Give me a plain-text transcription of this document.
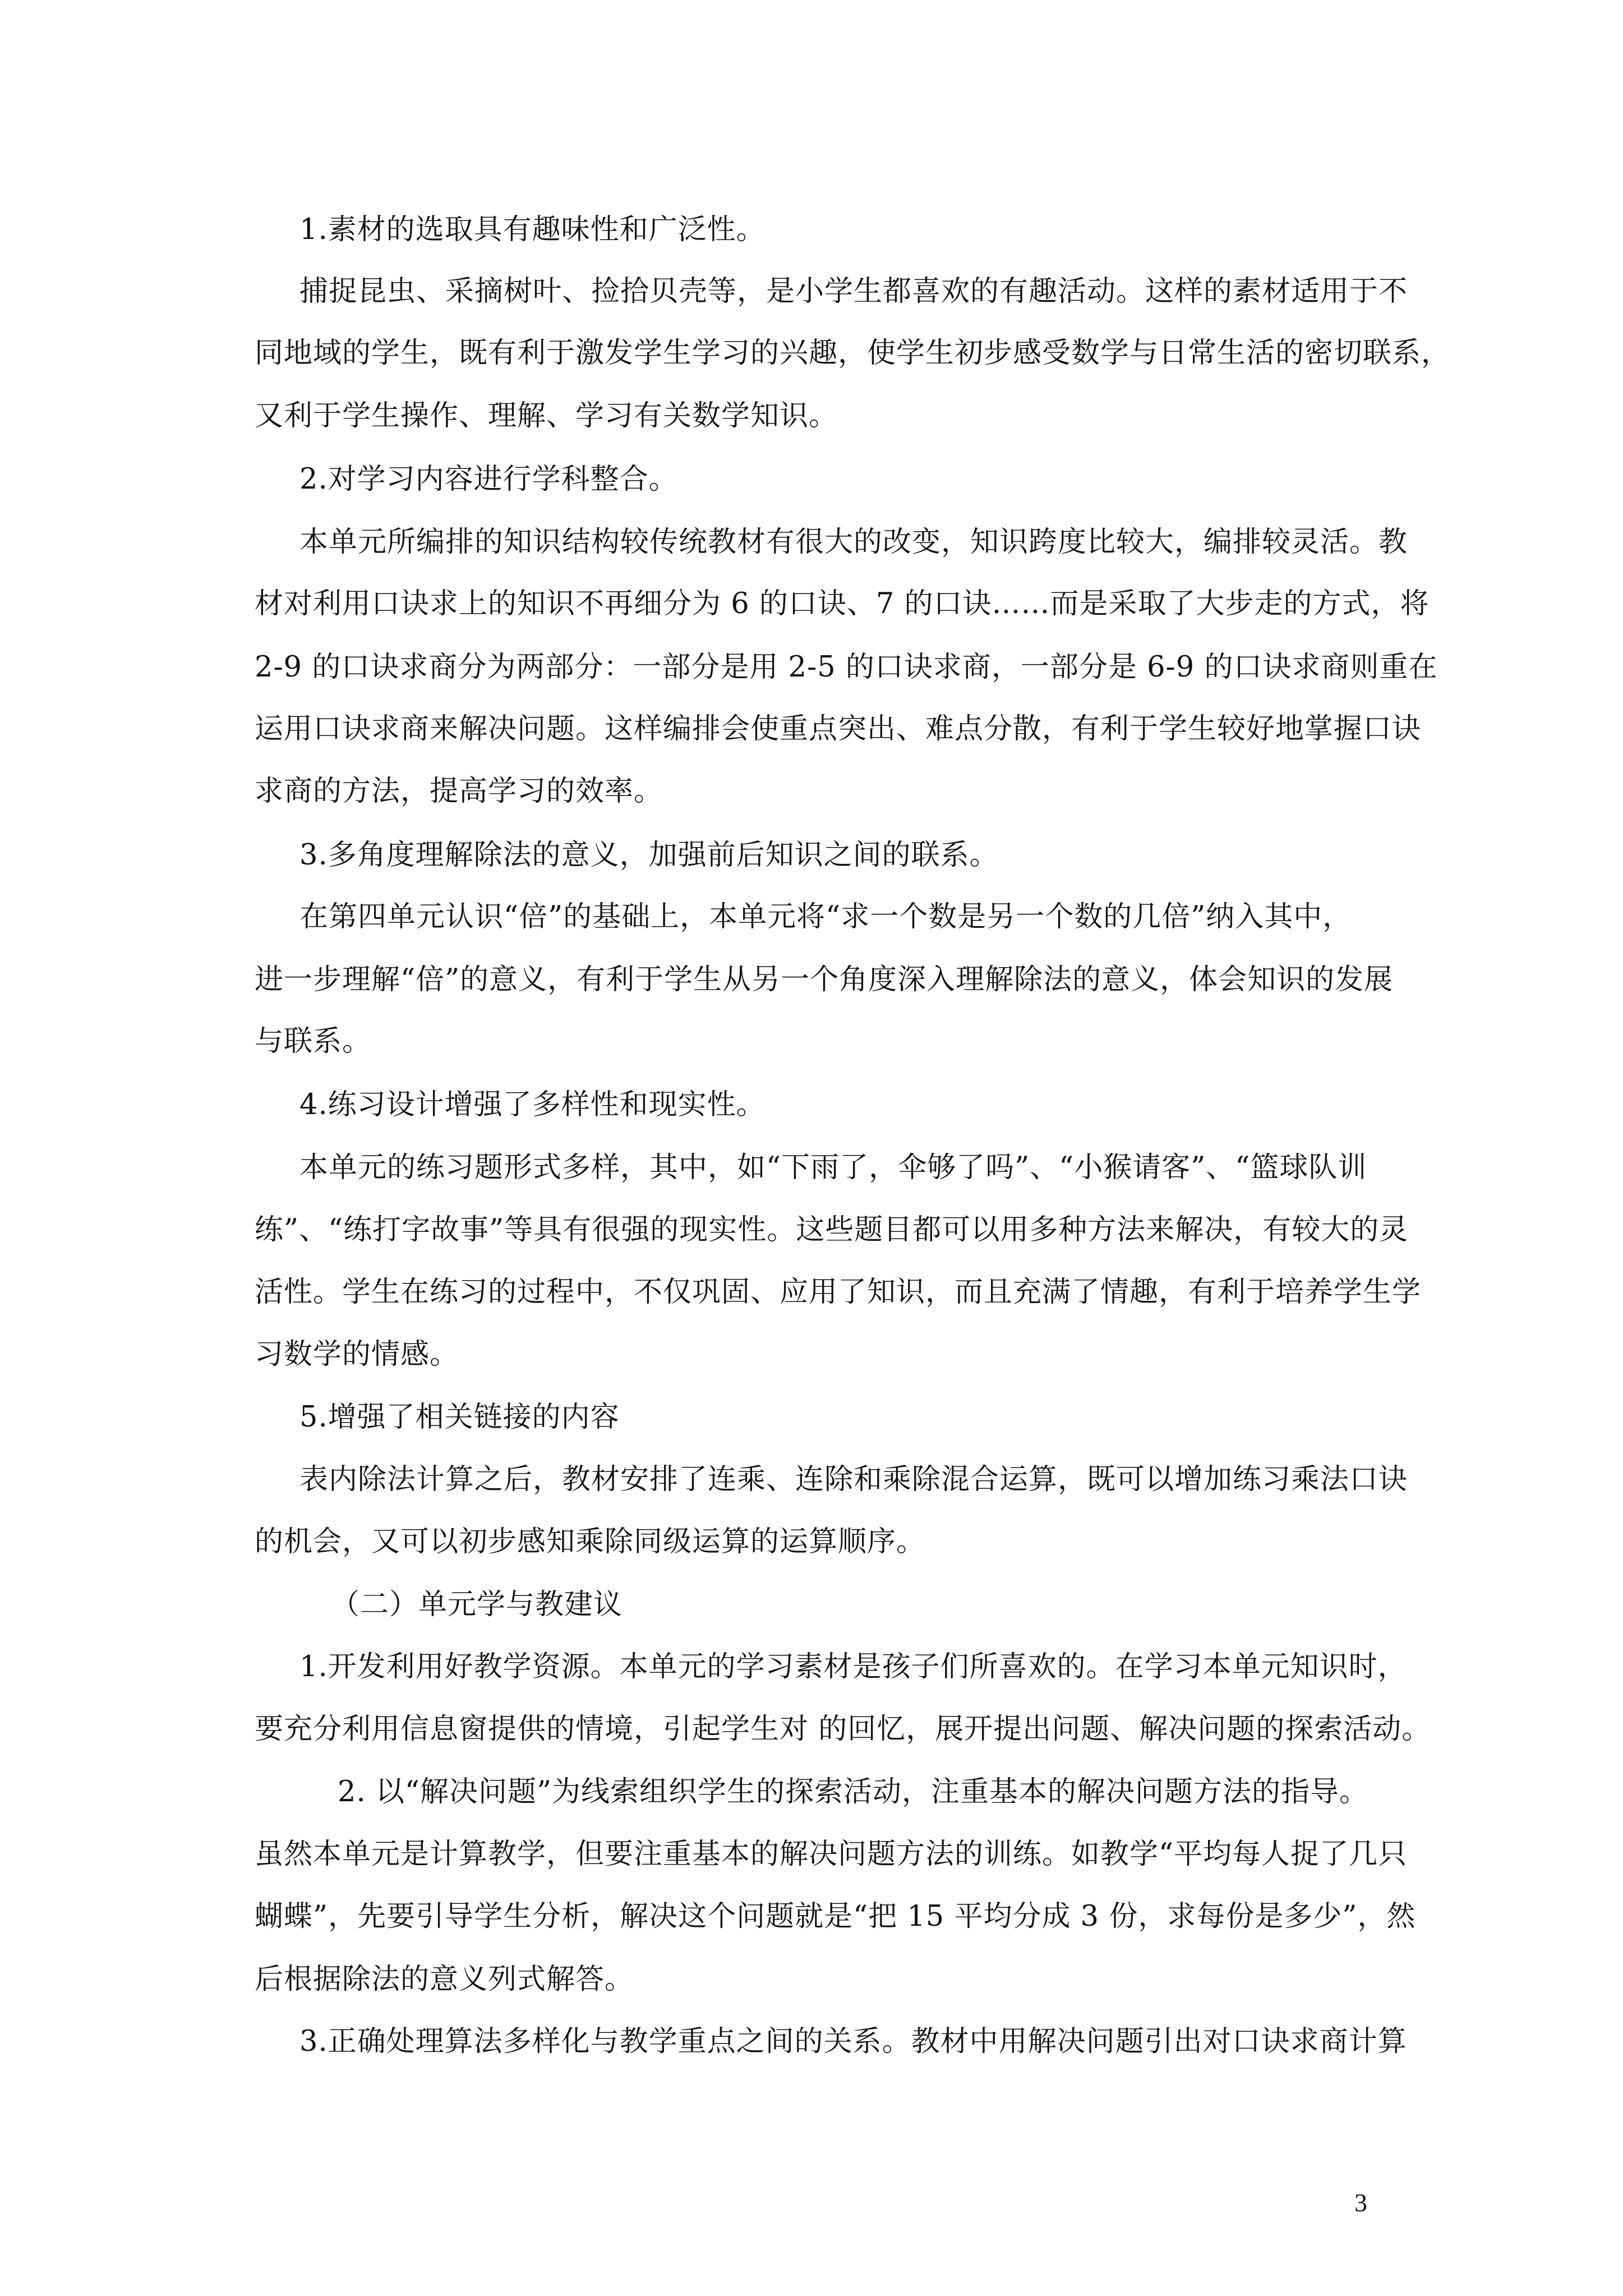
1.素材的选取具有趣味性和广泛性。

捕捉昆虫、采摘树叶、捡拾贝壳等，是小学生都喜欢的有趣活动。这样的素材适用于不

同地域的学生，既有利于激发学生学习的兴趣，使学生初步感受数学与日常生活的密切联系，

又利于学生操作、理解、学习有关数学知识。

2.对学习内容进行学科整合。

本单元所编排的知识结构较传统教材有很大的改变，知识跨度比较大，编排较灵活。教

材对利用口诀求上的知识不再细分为 6 的口诀、7 的口诀……而是采取了大步走的方式，将

2-9 的口诀求商分为两部分：一部分是用 2-5 的口诀求商，一部分是 6-9 的口诀求商则重在

运用口诀求商来解决问题。这样编排会使重点突出、难点分散，有利于学生较好地掌握口诀

求商的方法，提高学习的效率。

3.多角度理解除法的意义，加强前后知识之间的联系。

在第四单元认识“倍”的基础上，本单元将“求一个数是另一个数的几倍”纳入其中，

进一步理解“倍”的意义，有利于学生从另一个角度深入理解除法的意义，体会知识的发展

与联系。

4.练习设计增强了多样性和现实性。

本单元的练习题形式多样，其中，如“下雨了，伞够了吗”、“小猴请客”、“篮球队训

练”、“练打字故事”等具有很强的现实性。这些题目都可以用多种方法来解决，有较大的灵

活性。学生在练习的过程中，不仅巩固、应用了知识，而且充满了情趣，有利于培养学生学

习数学的情感。

5.增强了相关链接的内容

表内除法计算之后，教材安排了连乘、连除和乘除混合运算，既可以增加练习乘法口诀

的机会，又可以初步感知乘除同级运算的运算顺序。

（二）单元学与教建议

1.开发利用好教学资源。本单元的学习素材是孩子们所喜欢的。在学习本单元知识时，

要充分利用信息窗提供的情境，引起学生对 的回忆，展开提出问题、解决问题的探索活动。

2. 以“解决问题”为线索组织学生的探索活动，注重基本的解决问题方法的指导。

虽然本单元是计算教学，但要注重基本的解决问题方法的训练。如教学“平均每人捉了几只

蝴蝶”，先要引导学生分析，解决这个问题就是“把 15 平均分成 3 份，求每份是多少”，然

后根据除法的意义列式解答。

3.正确处理算法多样化与教学重点之间的关系。教材中用解决问题引出对口诀求商计算

3
